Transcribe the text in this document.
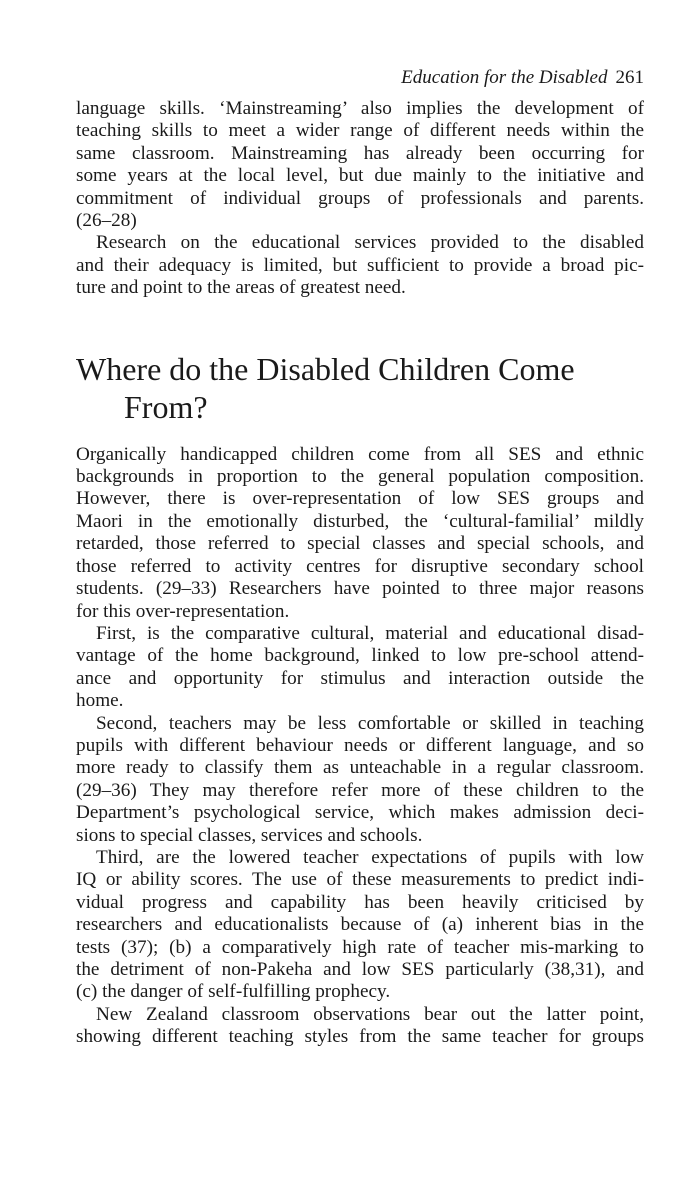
Education for the Disabled 261
language skills. ‘Mainstreaming’ also implies the development of
teaching skills to meet a wider range of different needs within the
same classroom. Mainstreaming has already been occurring for
some years at the local level, but due mainly to the initiative and
commitment of individual groups of professionals and parents.
(26–28)
Research on the educational services provided to the disabled
and their adequacy is limited, but sufficient to provide a broad pic-
ture and point to the areas of greatest need.
Where do the Disabled Children Come
From?
Organically handicapped children come from all SES and ethnic
backgrounds in proportion to the general population composition.
However, there is over-representation of low SES groups and
Maori in the emotionally disturbed, the ‘cultural-familial’ mildly
retarded, those referred to special classes and special schools, and
those referred to activity centres for disruptive secondary school
students. (29–33) Researchers have pointed to three major reasons
for this over-representation.
First, is the comparative cultural, material and educational disad-
vantage of the home background, linked to low pre-school attend-
ance and opportunity for stimulus and interaction outside the
home.
Second, teachers may be less comfortable or skilled in teaching
pupils with different behaviour needs or different language, and so
more ready to classify them as unteachable in a regular classroom.
(29–36) They may therefore refer more of these children to the
Department’s psychological service, which makes admission deci-
sions to special classes, services and schools.
Third, are the lowered teacher expectations of pupils with low
IQ or ability scores. The use of these measurements to predict indi-
vidual progress and capability has been heavily criticised by
researchers and educationalists because of (a) inherent bias in the
tests (37); (b) a comparatively high rate of teacher mis-marking to
the detriment of non-Pakeha and low SES particularly (38,31), and
(c) the danger of self-fulfilling prophecy.
New Zealand classroom observations bear out the latter point,
showing different teaching styles from the same teacher for groups
